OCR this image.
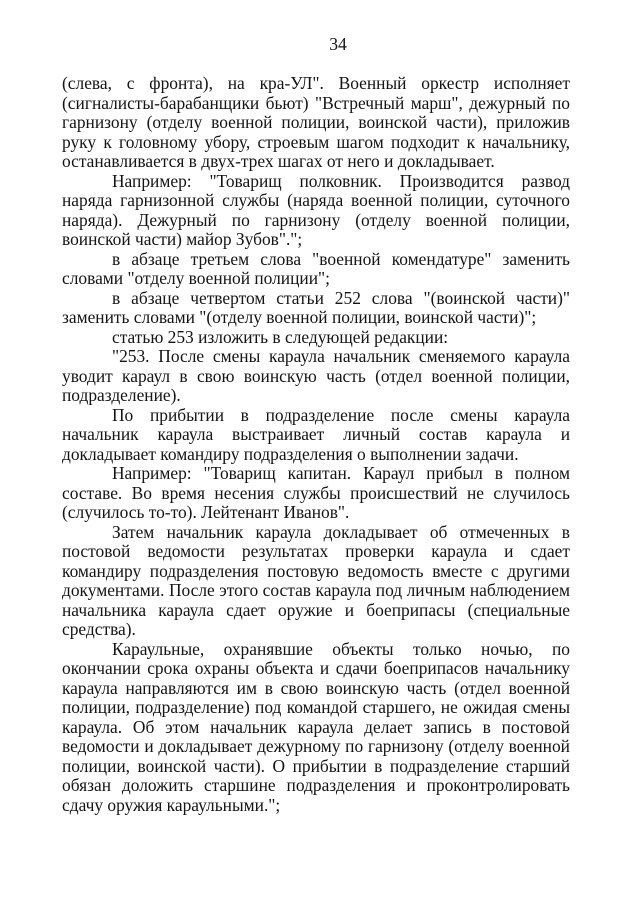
34

(слева, с фронта), на кра-УЛ". Военный оркестр исполняет (сигналисты-барабанщики бьют) "Встречный марш", дежурный по гарнизону (отделу военной полиции, воинской части), приложив руку к головному убору, строевым шагом подходит к начальнику, останавливается в двух-трех шагах от него и докладывает.

Например: "Товарищ полковник. Производится развод наряда гарнизонной службы (наряда военной полиции, суточного наряда). Дежурный по гарнизону (отделу военной полиции, воинской части) майор Зубов".";

в абзаце третьем слова "военной комендатуре" заменить словами "отделу военной полиции";

в абзаце четвертом статьи 252 слова "(воинской части)" заменить словами "(отделу военной полиции, воинской части)";

статью 253 изложить в следующей редакции:

"253. После смены караула начальник сменяемого караула уводит караул в свою воинскую часть (отдел военной полиции, подразделение).

По прибытии в подразделение после смены караула начальник караула выстраивает личный состав караула и докладывает командиру подразделения о выполнении задачи.

Например: "Товарищ капитан. Караул прибыл в полном составе. Во время несения службы происшествий не случилось (случилось то-то). Лейтенант Иванов".

Затем начальник караула докладывает об отмеченных в постовой ведомости результатах проверки караула и сдает командиру подразделения постовую ведомость вместе с другими документами. После этого состав караула под личным наблюдением начальника караула сдает оружие и боеприпасы (специальные средства).

Караульные, охранявшие объекты только ночью, по окончании срока охраны объекта и сдачи боеприпасов начальнику караула направляются им в свою воинскую часть (отдел военной полиции, подразделение) под командой старшего, не ожидая смены караула. Об этом начальник караула делает запись в постовой ведомости и докладывает дежурному по гарнизону (отделу военной полиции, воинской части). О прибытии в подразделение старший обязан доложить старшине подразделения и проконтролировать сдачу оружия караульными.";
